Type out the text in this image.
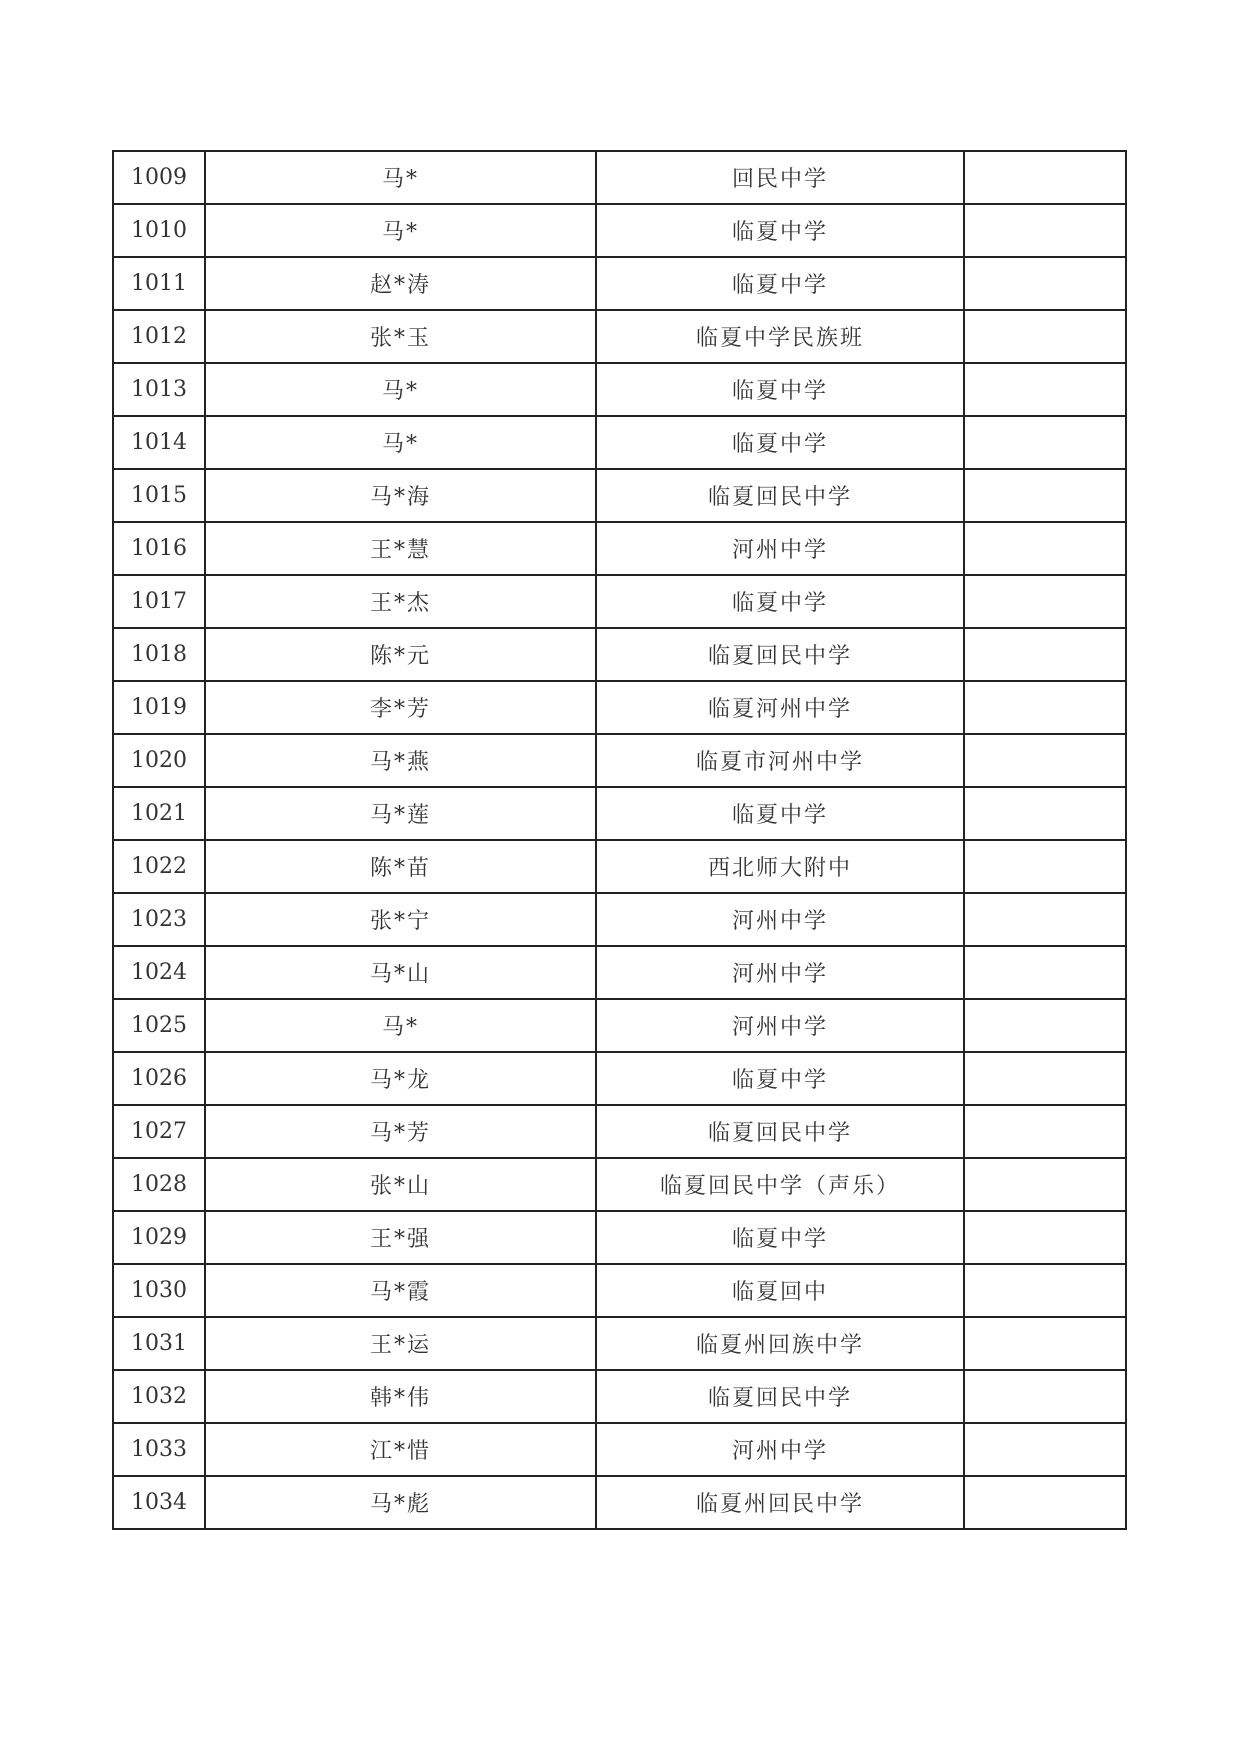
1009	马*	回民中学	
1010	马*	临夏中学	
1011	赵*涛	临夏中学	
1012	张*玉	临夏中学民族班	
1013	马*	临夏中学	
1014	马*	临夏中学	
1015	马*海	临夏回民中学	
1016	王*慧	河州中学	
1017	王*杰	临夏中学	
1018	陈*元	临夏回民中学	
1019	李*芳	临夏河州中学	
1020	马*燕	临夏市河州中学	
1021	马*莲	临夏中学	
1022	陈*苗	西北师大附中	
1023	张*宁	河州中学	
1024	马*山	河州中学	
1025	马*	河州中学	
1026	马*龙	临夏中学	
1027	马*芳	临夏回民中学	
1028	张*山	临夏回民中学（声乐）	
1029	王*强	临夏中学	
1030	马*霞	临夏回中	
1031	王*运	临夏州回族中学	
1032	韩*伟	临夏回民中学	
1033	江*惜	河州中学	
1034	马*彪	临夏州回民中学	
